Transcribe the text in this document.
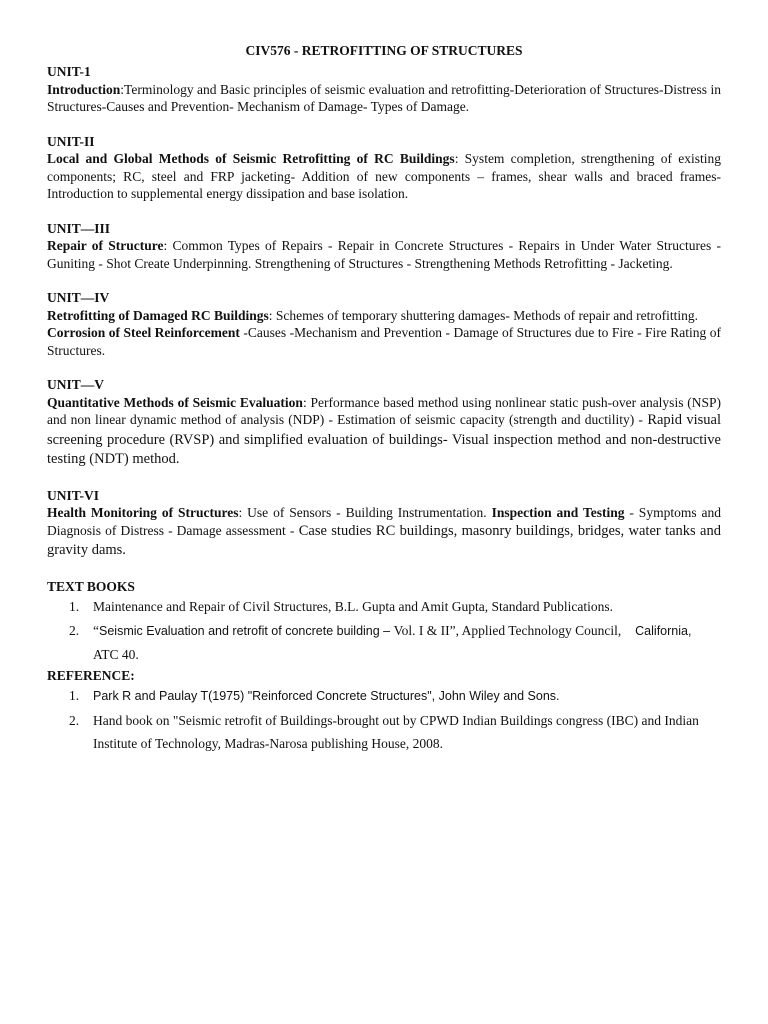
CIV576 - RETROFITTING OF STRUCTURES
UNIT-1
Introduction:Terminology and Basic principles of seismic evaluation and retrofitting-Deterioration of Structures-Distress in Structures-Causes and Prevention- Mechanism of Damage- Types of Damage.
UNIT-II
Local and Global Methods of Seismic Retrofitting of RC Buildings: System completion, strengthening of existing components; RC, steel and FRP jacketing- Addition of new components – frames, shear walls and braced frames-Introduction to supplemental energy dissipation and base isolation.
UNIT—III
Repair of Structure: Common Types of Repairs - Repair in Concrete Structures - Repairs in Under Water Structures - Guniting - Shot Create Underpinning. Strengthening of Structures - Strengthening Methods Retrofitting - Jacketing.
UNIT—IV
Retrofitting of Damaged RC Buildings: Schemes of temporary shuttering damages- Methods of repair and retrofitting.
Corrosion of Steel Reinforcement -Causes -Mechanism and Prevention - Damage of Structures due to Fire - Fire Rating of Structures.
UNIT—V
Quantitative Methods of Seismic Evaluation: Performance based method using nonlinear static push-over analysis (NSP) and non linear dynamic method of analysis (NDP) - Estimation of seismic capacity (strength and ductility) - Rapid visual screening procedure (RVSP) and simplified evaluation of buildings- Visual inspection method and non-destructive testing (NDT) method.
UNIT-VI
Health Monitoring of Structures: Use of Sensors - Building Instrumentation. Inspection and Testing - Symptoms and Diagnosis of Distress - Damage assessment - Case studies RC buildings, masonry buildings, bridges, water tanks and gravity dams.
TEXT BOOKS
1. Maintenance and Repair of Civil Structures, B.L. Gupta and Amit Gupta, Standard Publications.
2. “Seismic Evaluation and retrofit of concrete building – Vol. I & II”, Applied Technology Council,    California,
ATC 40.
REFERENCE:
1. Park R and Paulay T(1975) "Reinforced Concrete Structures", John Wiley and Sons.
2. Hand book on "Seismic retrofit of Buildings-brought out by CPWD Indian Buildings congress (IBC) and Indian Institute of Technology, Madras-Narosa publishing House, 2008.
